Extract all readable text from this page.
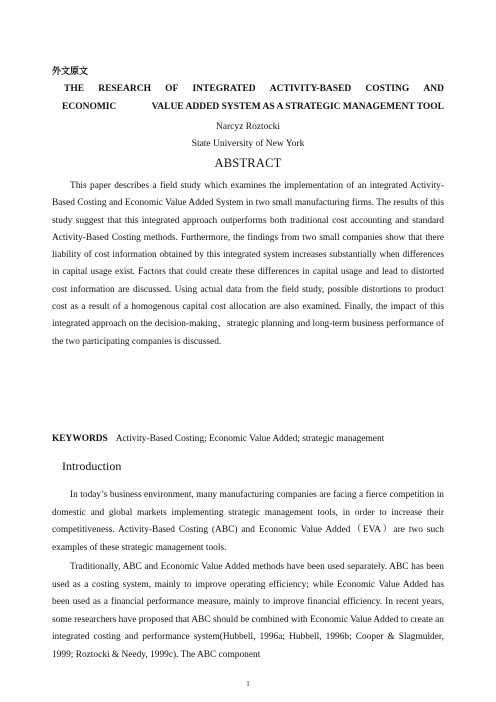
外文原文
THE RESEARCH OF INTEGRATED ACTIVITY-BASED COSTING AND
ECONOMIC	VALUE ADDED SYSTEM AS A STRATEGIC MANAGEMENT TOOL
Narcyz Roztocki
State University of New York
ABSTRACT

This paper describes a field study which examines the implementation of an integrated Activity-Based Costing and Economic Value Added System in two small manufacturing firms. The results of this study suggest that this integrated approach outperforms both traditional cost accounting and standard Activity-Based Costing methods. Furthermore, the findings from two small companies show that there liability of cost information obtained by this integrated system increases substantially when differences in capital usage exist. Factors that could create these differences in capital usage and lead to distorted cost information are discussed. Using actual data from the field study, possible distortions to product cost as a result of a homogenous capital cost allocation are also examined. Finally, the impact of this integrated approach on the decision-making、strategic planning and long-term business performance of the two participating companies is discussed.

KEYWORDS Activity-Based Costing; Economic Value Added; strategic management
Introduction

In today’s business environment, many manufacturing companies are facing a fierce competition in domestic and global markets implementing strategic management tools, in order to increase their competitiveness. Activity-Based Costing (ABC) and Economic Value Added（EVA）are two such examples of these strategic management tools.

Traditionally, ABC and Economic Value Added methods have been used separately. ABC has been used as a costing system, mainly to improve operating efficiency; while Economic Value Added has been used as a financial performance measure, mainly to improve financial efficiency. In recent years, some researchers have proposed that ABC should be combined with Economic Value Added to create an integrated costing and performance system(Hubbell, 1996a; Hubbell, 1996b; Cooper & Slagmulder, 1999; Roztocki & Needy, 1999c). The ABC component

1
